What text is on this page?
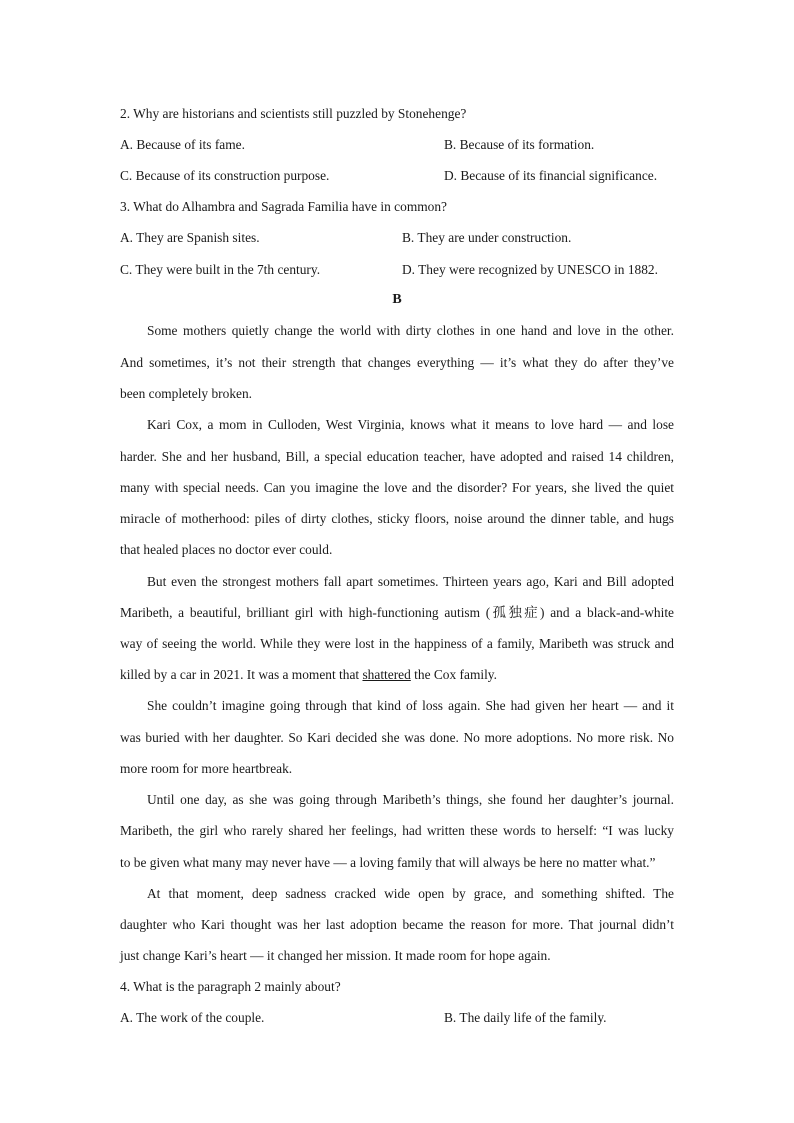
2. Why are historians and scientists still puzzled by Stonehenge?
A. Because of its fame.	B. Because of its formation.
C. Because of its construction purpose.	D. Because of its financial significance.
3. What do Alhambra and Sagrada Familia have in common?
A. They are Spanish sites.	B. They are under construction.
C. They were built in the 7th century.	D. They were recognized by UNESCO in 1882.
B
Some mothers quietly change the world with dirty clothes in one hand and love in the other.
And sometimes, it’s not their strength that changes everything — it’s what they do after they’ve
been completely broken.
Kari Cox, a mom in Culloden, West Virginia, knows what it means to love hard — and lose
harder. She and her husband, Bill, a special education teacher, have adopted and raised 14 children,
many with special needs. Can you imagine the love and the disorder? For years, she lived the quiet
miracle of motherhood: piles of dirty clothes, sticky floors, noise around the dinner table, and hugs
that healed places no doctor ever could.
But even the strongest mothers fall apart sometimes. Thirteen years ago, Kari and Bill adopted
Maribeth, a beautiful, brilliant girl with high-functioning autism (孤独症) and a black-and-white
way of seeing the world. While they were lost in the happiness of a family, Maribeth was struck and
killed by a car in 2021. It was a moment that shattered the Cox family.
She couldn’t imagine going through that kind of loss again. She had given her heart — and it
was buried with her daughter. So Kari decided she was done. No more adoptions. No more risk. No
more room for more heartbreak.
Until one day, as she was going through Maribeth’s things, she found her daughter’s journal.
Maribeth, the girl who rarely shared her feelings, had written these words to herself: “I was lucky
to be given what many may never have — a loving family that will always be here no matter what.”
At that moment, deep sadness cracked wide open by grace, and something shifted. The
daughter who Kari thought was her last adoption became the reason for more. That journal didn’t
just change Kari’s heart — it changed her mission. It made room for hope again.
4. What is the paragraph 2 mainly about?
A. The work of the couple.	B. The daily life of the family.
